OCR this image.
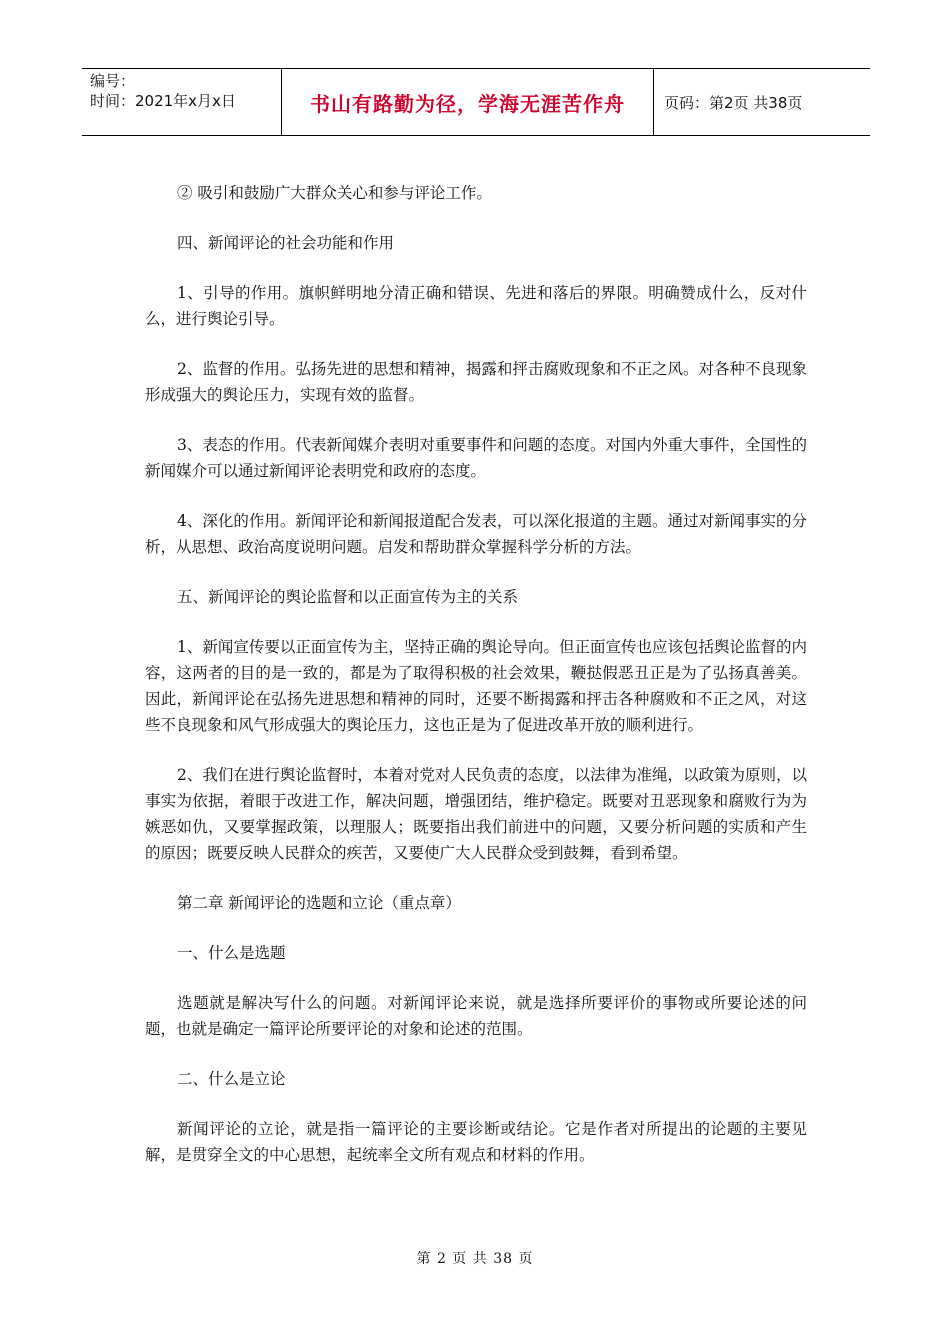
编号：
时间：2021年x月x日	书山有路勤为径，学海无涯苦作舟	页码：第2页 共38页

② 吸引和鼓励广大群众关心和参与评论工作。

四、新闻评论的社会功能和作用

1、引导的作用。旗帜鲜明地分清正确和错误、先进和落后的界限。明确赞成什么，反对什么，进行舆论引导。

2、监督的作用。弘扬先进的思想和精神，揭露和抨击腐败现象和不正之风。对各种不良现象形成强大的舆论压力，实现有效的监督。

3、表态的作用。代表新闻媒介表明对重要事件和问题的态度。对国内外重大事件，全国性的新闻媒介可以通过新闻评论表明党和政府的态度。

4、深化的作用。新闻评论和新闻报道配合发表，可以深化报道的主题。通过对新闻事实的分析，从思想、政治高度说明问题。启发和帮助群众掌握科学分析的方法。

五、新闻评论的舆论监督和以正面宣传为主的关系

1、新闻宣传要以正面宣传为主，坚持正确的舆论导向。但正面宣传也应该包括舆论监督的内容，这两者的目的是一致的，都是为了取得积极的社会效果，鞭挞假恶丑正是为了弘扬真善美。因此，新闻评论在弘扬先进思想和精神的同时，还要不断揭露和抨击各种腐败和不正之风，对这些不良现象和风气形成强大的舆论压力，这也正是为了促进改革开放的顺利进行。

2、我们在进行舆论监督时，本着对党对人民负责的态度，以法律为准绳，以政策为原则，以事实为依据，着眼于改进工作，解决问题，增强团结，维护稳定。既要对丑恶现象和腐败行为为嫉恶如仇，又要掌握政策，以理服人；既要指出我们前进中的问题，又要分析问题的实质和产生的原因；既要反映人民群众的疾苦，又要使广大人民群众受到鼓舞，看到希望。

第二章 新闻评论的选题和立论（重点章）

一、什么是选题

选题就是解决写什么的问题。对新闻评论来说，就是选择所要评价的事物或所要论述的问题，也就是确定一篇评论所要评论的对象和论述的范围。

二、什么是立论

新闻评论的立论，就是指一篇评论的主要诊断或结论。它是作者对所提出的论题的主要见解，是贯穿全文的中心思想，起统率全文所有观点和材料的作用。

第 2 页 共 38 页
